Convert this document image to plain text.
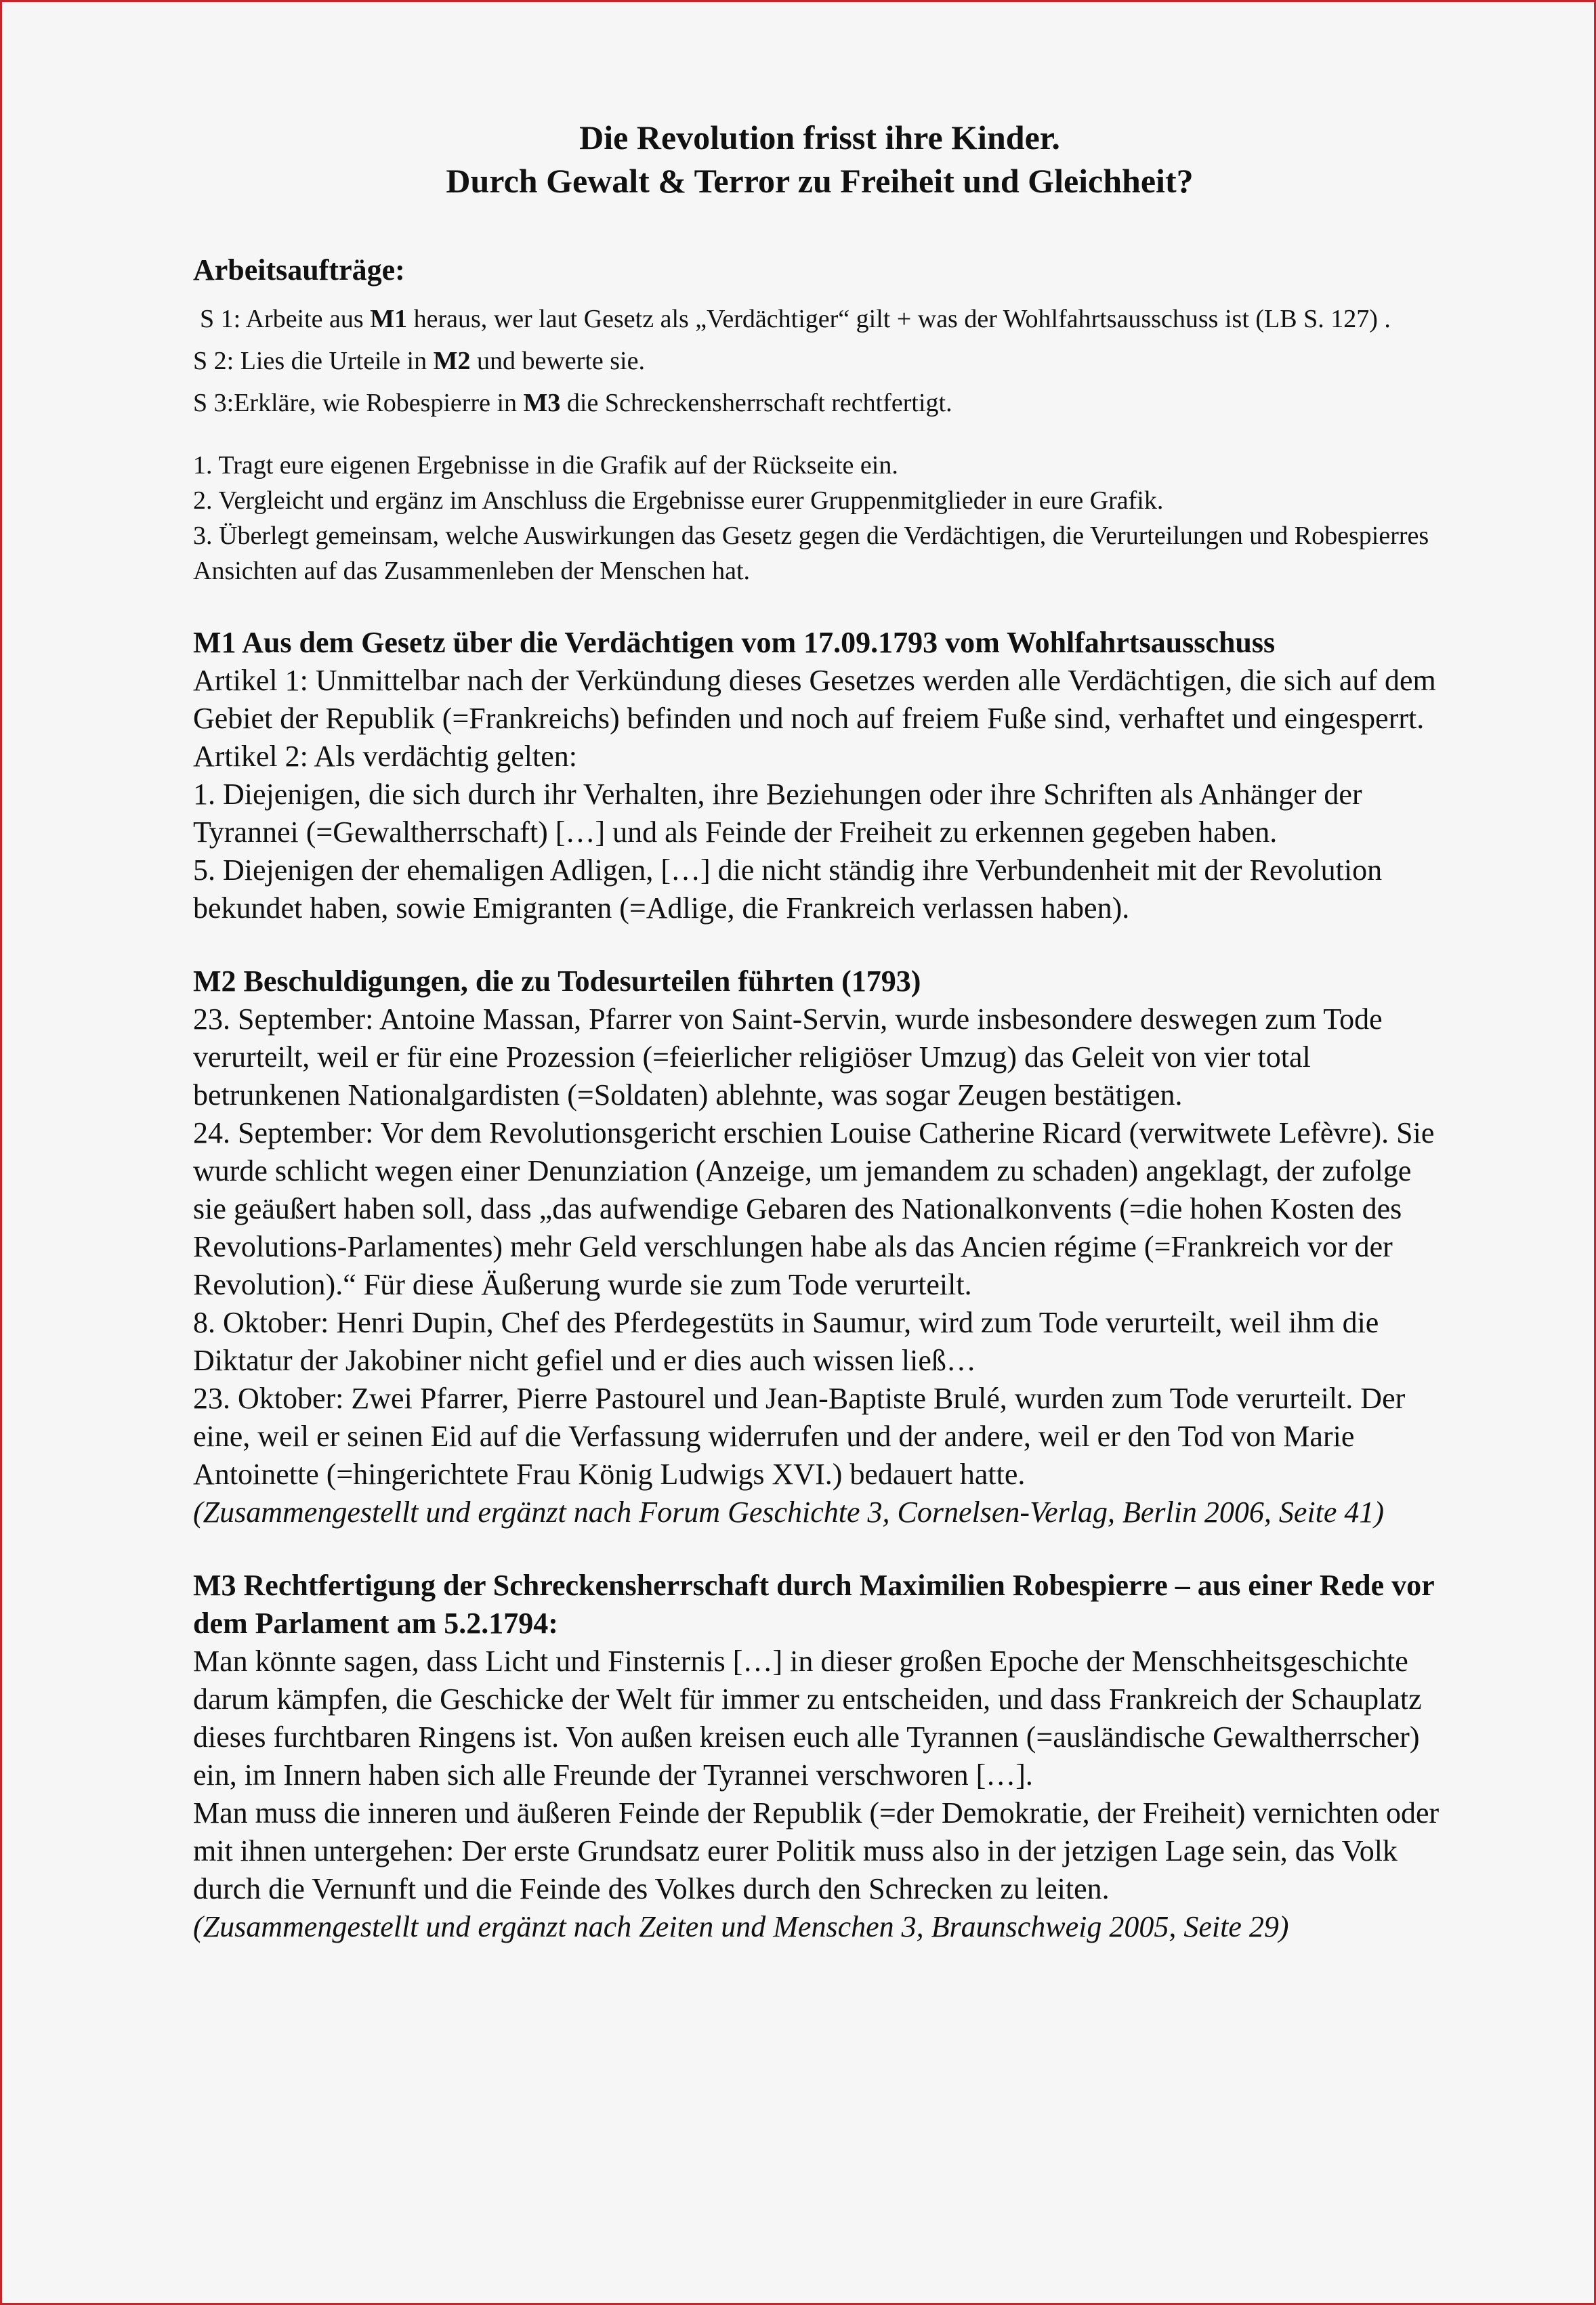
Die Revolution frisst ihre Kinder.
Durch Gewalt & Terror zu Freiheit und Gleichheit?
Arbeitsaufträge:

S 1: Arbeite aus M1 heraus, wer laut Gesetz als „Verdächtiger“ gilt + was der Wohlfahrtsausschuss ist (LB S. 127) .

S 2: Lies die Urteile in M2 und bewerte sie.

S 3:Erkläre, wie Robespierre in M3 die Schreckensherrschaft rechtfertigt.

1. Tragt eure eigenen Ergebnisse in die Grafik auf der Rückseite ein.

2. Vergleicht und ergänz im Anschluss die Ergebnisse eurer Gruppenmitglieder in eure Grafik.

3. Überlegt gemeinsam, welche Auswirkungen das Gesetz gegen die Verdächtigen, die Verurteilungen und Robespierres Ansichten auf das Zusammenleben der Menschen hat.

M1 Aus dem Gesetz über die Verdächtigen vom 17.09.1793 vom Wohlfahrtsausschuss

Artikel 1: Unmittelbar nach der Verkündung dieses Gesetzes werden alle Verdächtigen, die sich auf dem Gebiet der Republik (=Frankreichs) befinden und noch auf freiem Fuße sind, verhaftet und eingesperrt.

Artikel 2: Als verdächtig gelten:

1. Diejenigen, die sich durch ihr Verhalten, ihre Beziehungen oder ihre Schriften als Anhänger der Tyrannei (=Gewaltherrschaft) […] und als Feinde der Freiheit zu erkennen gegeben haben.

5. Diejenigen der ehemaligen Adligen, […] die nicht ständig ihre Verbundenheit mit der Revolution bekundet haben, sowie Emigranten (=Adlige, die Frankreich verlassen haben).

M2 Beschuldigungen, die zu Todesurteilen führten (1793)

23. September: Antoine Massan, Pfarrer von Saint-Servin, wurde insbesondere deswegen zum Tode verurteilt, weil er für eine Prozession (=feierlicher religiöser Umzug) das Geleit von vier total betrunkenen Nationalgardisten (=Soldaten) ablehnte, was sogar Zeugen bestätigen.

24. September: Vor dem Revolutionsgericht erschien Louise Catherine Ricard (verwitwete Lefèvre). Sie wurde schlicht wegen einer Denunziation (Anzeige, um jemandem zu schaden) angeklagt, der zufolge sie geäußert haben soll, dass „das aufwendige Gebaren des Nationalkonvents (=die hohen Kosten des Revolutions-Parlamentes) mehr Geld verschlungen habe als das Ancien régime (=Frankreich vor der Revolution).“ Für diese Äußerung wurde sie zum Tode verurteilt.

8. Oktober: Henri Dupin, Chef des Pferdegestüts in Saumur, wird zum Tode verurteilt, weil ihm die Diktatur der Jakobiner nicht gefiel und er dies auch wissen ließ…

23. Oktober: Zwei Pfarrer, Pierre Pastourel und Jean-Baptiste Brulé, wurden zum Tode verurteilt. Der eine, weil er seinen Eid auf die Verfassung widerrufen und der andere, weil er den Tod von Marie Antoinette (=hingerichtete Frau König Ludwigs XVI.) bedauert hatte.

(Zusammengestellt und ergänzt nach Forum Geschichte 3, Cornelsen-Verlag, Berlin 2006, Seite 41)

M3 Rechtfertigung der Schreckensherrschaft durch Maximilien Robespierre – aus einer Rede vor dem Parlament am 5.2.1794:

Man könnte sagen, dass Licht und Finsternis […] in dieser großen Epoche der Menschheitsgeschichte darum kämpfen, die Geschicke der Welt für immer zu entscheiden, und dass Frankreich der Schauplatz dieses furchtbaren Ringens ist. Von außen kreisen euch alle Tyrannen (=ausländische Gewaltherrscher) ein, im Innern haben sich alle Freunde der Tyrannei verschworen […].

Man muss die inneren und äußeren Feinde der Republik (=der Demokratie, der Freiheit) vernichten oder mit ihnen untergehen: Der erste Grundsatz eurer Politik muss also in der jetzigen Lage sein, das Volk durch die Vernunft und die Feinde des Volkes durch den Schrecken zu leiten.

(Zusammengestellt und ergänzt nach Zeiten und Menschen 3, Braunschweig 2005, Seite 29)
